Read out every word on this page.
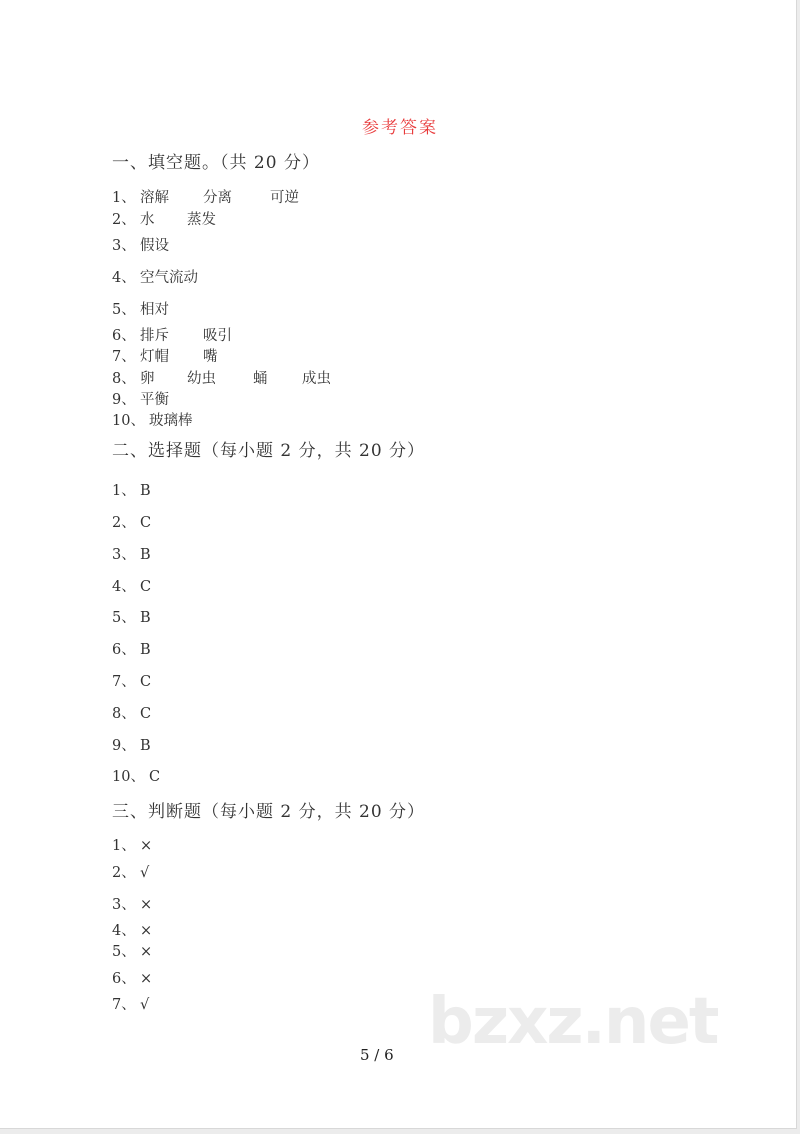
参考答案
一、填空题。（共 20 分）
1、 溶解 分离	可逆
2、 水 蒸发
3、 假设
4、 空气流动
5、 相对
6、 排斥 吸引
7、 灯帽 嘴
8、 卵 幼虫	蛹 成虫
9、 平衡
10、 玻璃棒
二、选择题（每小题 2 分，共 20 分）
1、 B
2、 C
3、 B
4、 C
5、 B
6、 B
7、 C
8、 C
9、 B
10、 C
三、判断题（每小题 2 分，共 20 分）
1、 ×
2、 √
3、 ×
4、 ×
5、 ×
6、 ×
7、 √	bzxz.net
5 / 6
